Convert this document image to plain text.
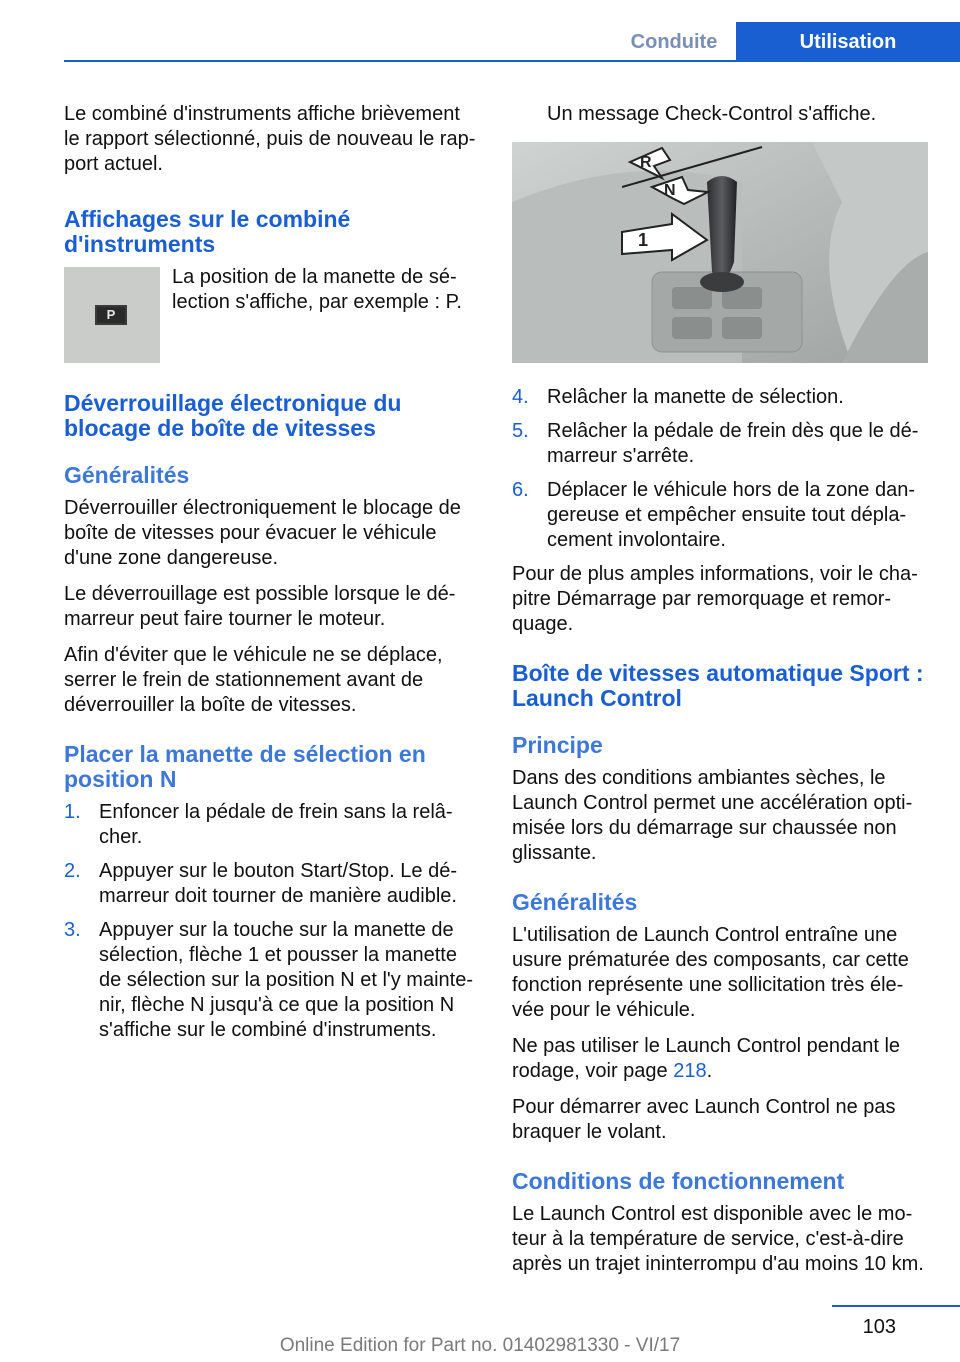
Conduite	Utilisation

Le combiné d'instruments affiche brièvement le rapport sélectionné, puis de nouveau le rapport actuel.

Affichages sur le combiné d'instruments
P

La position de la manette de sélection s'affiche, par exemple : P.

Déverrouillage électronique du blocage de boîte de vitesses
Généralités

Déverrouiller électroniquement le blocage de boîte de vitesses pour évacuer le véhicule d'une zone dangereuse.

Le déverrouillage est possible lorsque le démarreur peut faire tourner le moteur.

Afin d'éviter que le véhicule ne se déplace, serrer le frein de stationnement avant de déverrouiller la boîte de vitesses.

Placer la manette de sélection en position N
1. Enfoncer la pédale de frein sans la relâcher.
2. Appuyer sur le bouton Start/Stop. Le démarreur doit tourner de manière audible.
3. Appuyer sur la touche sur la manette de sélection, flèche 1 et pousser la manette de sélection sur la position N et l'y maintenir, flèche N jusqu'à ce que la position N s'affiche sur le combiné d'instruments.

Un message Check-Control s'affiche.

R
N
1
4. Relâcher la manette de sélection.
5. Relâcher la pédale de frein dès que le démarreur s'arrête.
6. Déplacer le véhicule hors de la zone dangereuse et empêcher ensuite tout déplacement involontaire.

Pour de plus amples informations, voir le chapitre Démarrage par remorquage et remorquage.

Boîte de vitesses automatique Sport : Launch Control
Principe

Dans des conditions ambiantes sèches, le Launch Control permet une accélération optimisée lors du démarrage sur chaussée non glissante.

Généralités

L'utilisation de Launch Control entraîne une usure prématurée des composants, car cette fonction représente une sollicitation très élevée pour le véhicule.

Ne pas utiliser le Launch Control pendant le rodage, voir page 218.

Pour démarrer avec Launch Control ne pas braquer le volant.

Conditions de fonctionnement

Le Launch Control est disponible avec le moteur à la température de service, c'est-à-dire après un trajet ininterrompu d'au moins 10 km.

103
Online Edition for Part no. 01402981330 - VI/17
